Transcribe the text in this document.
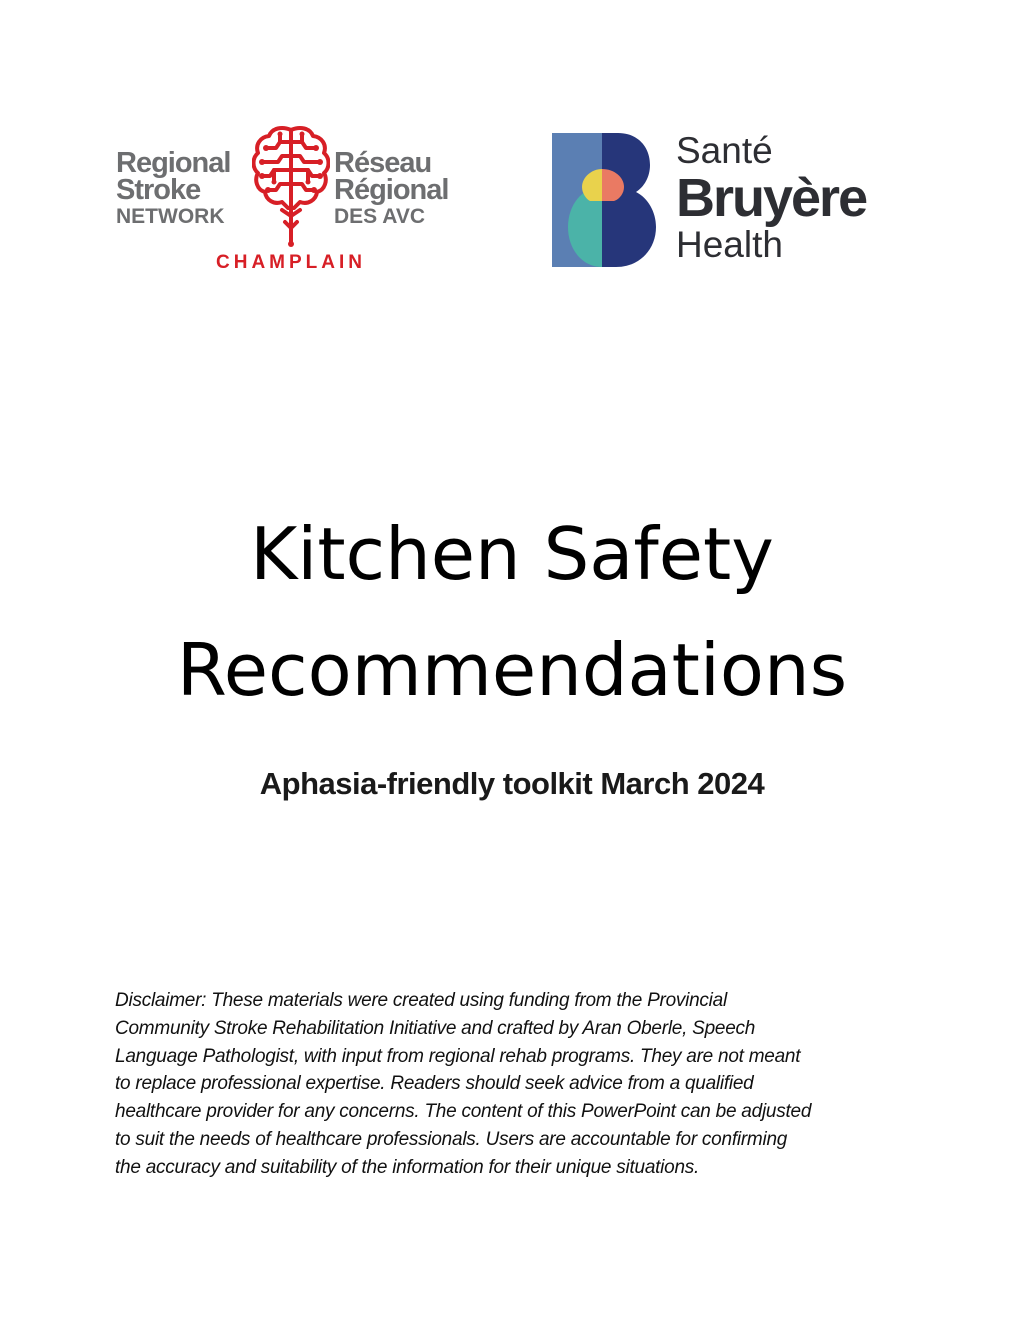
Regional
Stroke
NETWORK
Réseau
Régional
DES AVC
CHAMPLAIN
Santé
Bruyère
Health
Kitchen Safety
Recommendations
Aphasia-friendly toolkit March 2024
Disclaimer: These materials were created using funding from the Provincial
Community Stroke Rehabilitation Initiative and crafted by Aran Oberle, Speech
Language Pathologist, with input from regional rehab programs. They are not meant
to replace professional expertise. Readers should seek advice from a qualified
healthcare provider for any concerns. The content of this PowerPoint can be adjusted
to suit the needs of healthcare professionals. Users are accountable for confirming
the accuracy and suitability of the information for their unique situations.
